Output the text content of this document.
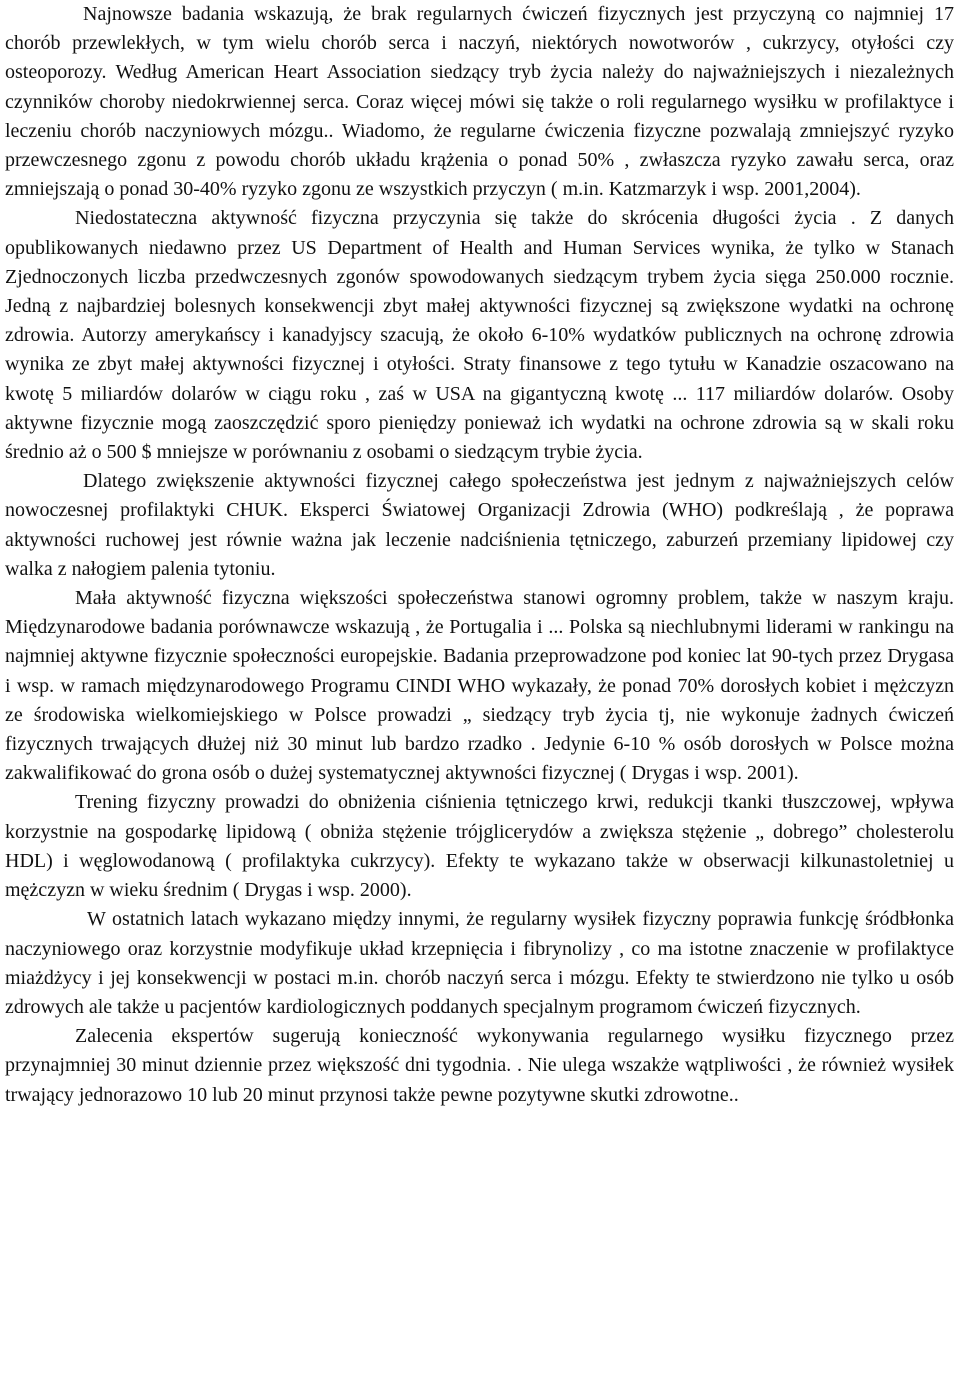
Najnowsze badania wskazują, że brak regularnych ćwiczeń fizycznych jest przyczyną co najmniej 17 chorób przewlekłych, w tym wielu chorób serca i naczyń, niektórych nowotworów , cukrzycy, otyłości czy osteoporozy. Według American Heart Association siedzący tryb życia należy do najważniejszych i niezależnych czynników choroby niedokrwiennej serca. Coraz więcej mówi się także o roli regularnego wysiłku w profilaktyce i leczeniu chorób naczyniowych mózgu.. Wiadomo, że regularne ćwiczenia fizyczne pozwalają zmniejszyć ryzyko przewczesnego zgonu z powodu chorób układu krążenia o ponad 50% , zwłaszcza ryzyko zawału serca, oraz zmniejszają o ponad 30-40% ryzyko zgonu ze wszystkich przyczyn ( m.in. Katzmarzyk i wsp. 2001,2004).

Niedostateczna aktywność fizyczna przyczynia się także do skrócenia długości życia . Z danych opublikowanych niedawno przez US Department of Health and Human Services wynika, że tylko w Stanach Zjednoczonych liczba przedwczesnych zgonów spowodowanych siedzącym trybem życia sięga 250.000 rocznie. Jedną z najbardziej bolesnych konsekwencji zbyt małej aktywności fizycznej są zwiększone wydatki na ochronę zdrowia. Autorzy amerykańscy i kanadyjscy szacują, że około 6-10% wydatków publicznych na ochronę zdrowia wynika ze zbyt małej aktywności fizycznej i otyłości. Straty finansowe z tego tytułu w Kanadzie oszacowano na kwotę 5 miliardów dolarów w ciągu roku , zaś w USA na gigantyczną kwotę ... 117 miliardów dolarów. Osoby aktywne fizycznie mogą zaoszczędzić sporo pieniędzy ponieważ ich wydatki na ochrone zdrowia są w skali roku średnio aż o 500 $ mniejsze w porównaniu z osobami o siedzącym trybie życia.

Dlatego zwiększenie aktywności fizycznej całego społeczeństwa jest jednym z najważniejszych celów nowoczesnej profilaktyki CHUK. Eksperci Światowej Organizacji Zdrowia (WHO) podkreślają , że poprawa aktywności ruchowej jest równie ważna jak leczenie nadciśnienia tętniczego, zaburzeń przemiany lipidowej czy walka z nałogiem palenia tytoniu.

Mała aktywność fizyczna większości społeczeństwa stanowi ogromny problem, także w naszym kraju. Międzynarodowe badania porównawcze wskazują , że Portugalia i ... Polska są niechlubnymi liderami w rankingu na najmniej aktywne fizycznie społeczności europejskie. Badania przeprowadzone pod koniec lat 90-tych przez Drygasa i wsp. w ramach międzynarodowego Programu CINDI WHO wykazały, że ponad 70% dorosłych kobiet i mężczyzn ze środowiska wielkomiejskiego w Polsce prowadzi „ siedzący tryb życia tj, nie wykonuje żadnych ćwiczeń fizycznych trwających dłużej niż 30 minut lub bardzo rzadko . Jedynie 6-10 % osób dorosłych w Polsce można zakwalifikować do grona osób o dużej systematycznej aktywności fizycznej ( Drygas i wsp. 2001).

Trening fizyczny prowadzi do obniżenia ciśnienia tętniczego krwi, redukcji tkanki tłuszczowej, wpływa korzystnie na gospodarkę lipidową ( obniża stężenie trójglicerydów a zwiększa stężenie „ dobrego” cholesterolu HDL) i węglowodanową ( profilaktyka cukrzycy). Efekty te wykazano także w obserwacji kilkunastoletniej u mężczyzn w wieku średnim ( Drygas i wsp. 2000).

W ostatnich latach wykazano między innymi, że regularny wysiłek fizyczny poprawia funkcję śródbłonka naczyniowego oraz korzystnie modyfikuje układ krzepnięcia i fibrynolizy , co ma istotne znaczenie w profilaktyce miażdżycy i jej konsekwencji w postaci m.in. chorób naczyń serca i mózgu. Efekty te stwierdzono nie tylko u osób zdrowych ale także u pacjentów kardiologicznych poddanych specjalnym programom ćwiczeń fizycznych.

Zalecenia ekspertów sugerują konieczność wykonywania regularnego wysiłku fizycznego przez przynajmniej 30 minut dziennie przez większość dni tygodnia. . Nie ulega wszakże wątpliwości , że również wysiłek trwający jednorazowo 10 lub 20 minut przynosi także pewne pozytywne skutki zdrowotne..
